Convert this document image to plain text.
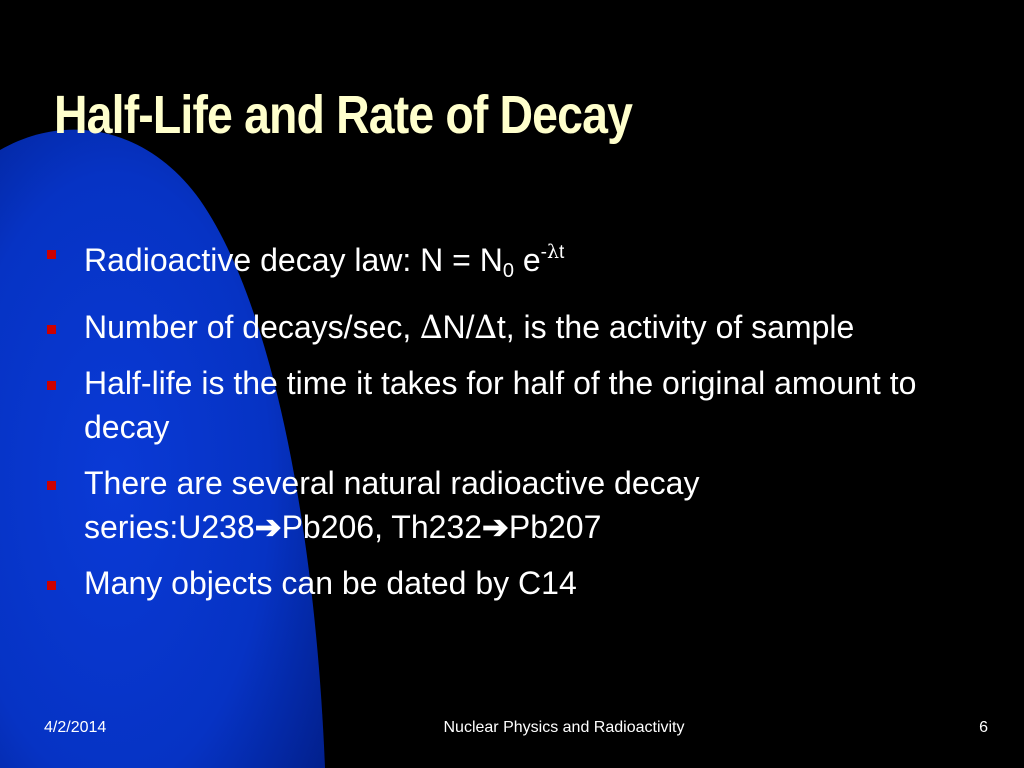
Half-Life and Rate of Decay
Radioactive decay law: $N = N_0$ $e^{-\lambda t}$
Number of decays/sec, ∆N/∆t, is the activity of sample
Half-life is the time it takes for half of the original amount to decay
There are several natural radioactive decay series:U238➔Pb206, Th232➔Pb207
Many objects can be dated by C14
4/2/2014	Nuclear Physics and Radioactivity	6
